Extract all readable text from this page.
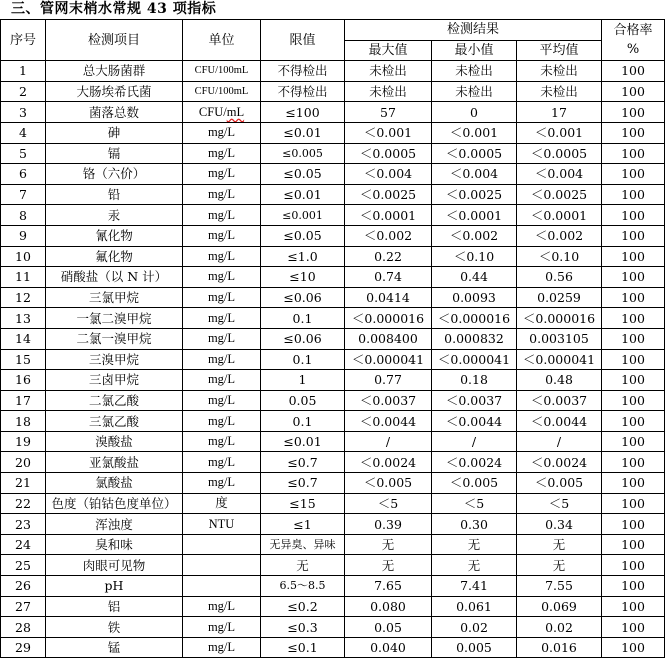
三、管网末梢水常规 43 项指标
序号	检测项目	单位	限值	检测结果			合格率
%
				最大值	最小值	平均值	
1	总大肠菌群	CFU/100mL	不得检出	未检出	未检出	未检出	100
2	大肠埃希氏菌	CFU/100mL	不得检出	未检出	未检出	未检出	100
3	菌落总数	CFU/mL	≤100	57	0	17	100
4	砷	mg/L	≤0.01	＜0.001	＜0.001	＜0.001	100
5	镉	mg/L	≤0.005	＜0.0005	＜0.0005	＜0.0005	100
6	铬（六价）	mg/L	≤0.05	＜0.004	＜0.004	＜0.004	100
7	铅	mg/L	≤0.01	＜0.0025	＜0.0025	＜0.0025	100
8	汞	mg/L	≤0.001	＜0.0001	＜0.0001	＜0.0001	100
9	氰化物	mg/L	≤0.05	＜0.002	＜0.002	＜0.002	100
10	氟化物	mg/L	≤1.0	0.22	＜0.10	＜0.10	100
11	硝酸盐（以 N 计）	mg/L	≤10	0.74	0.44	0.56	100
12	三氯甲烷	mg/L	≤0.06	0.0414	0.0093	0.0259	100
13	一氯二溴甲烷	mg/L	0.1	＜0.000016	＜0.000016	＜0.000016	100
14	二氯一溴甲烷	mg/L	≤0.06	0.008400	0.000832	0.003105	100
15	三溴甲烷	mg/L	0.1	＜0.000041	＜0.000041	＜0.000041	100
16	三卤甲烷	mg/L	1	0.77	0.18	0.48	100
17	二氯乙酸	mg/L	0.05	＜0.0037	＜0.0037	＜0.0037	100
18	三氯乙酸	mg/L	0.1	＜0.0044	＜0.0044	＜0.0044	100
19	溴酸盐	mg/L	≤0.01	/	/	/	100
20	亚氯酸盐	mg/L	≤0.7	＜0.0024	＜0.0024	＜0.0024	100
21	氯酸盐	mg/L	≤0.7	＜0.005	＜0.005	＜0.005	100
22	色度（铂钴色度单位）	度	≤15	＜5	＜5	＜5	100
23	浑浊度	NTU	≤1	0.39	0.30	0.34	100
24	臭和味		无异臭、异味	无	无	无	100
25	肉眼可见物		无	无	无	无	100
26	pH		6.5～8.5	7.65	7.41	7.55	100
27	铝	mg/L	≤0.2	0.080	0.061	0.069	100
28	铁	mg/L	≤0.3	0.05	0.02	0.02	100
29	锰	mg/L	≤0.1	0.040	0.005	0.016	100
